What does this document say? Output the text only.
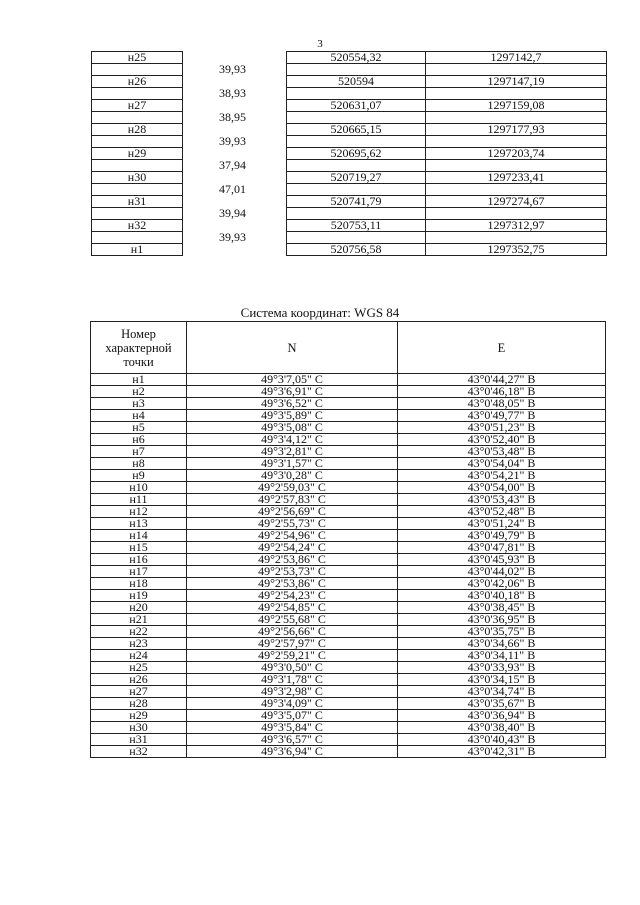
3
н25		520554,32	1297142,7
	39,93		
н26		520594	1297147,19
	38,93		
н27		520631,07	1297159,08
	38,95		
н28		520665,15	1297177,93
	39,93		
н29		520695,62	1297203,74
	37,94		
н30		520719,27	1297233,41
	47,01		
н31		520741,79	1297274,67
	39,94		
н32		520753,11	1297312,97
	39,93		
н1		520756,58	1297352,75
Система координат: WGS 84
Номер характерной точки	N	E
н1	49°3'7,05" С	43°0'44,27" В
н2	49°3'6,91" С	43°0'46,18" В
н3	49°3'6,52" С	43°0'48,05" В
н4	49°3'5,89" С	43°0'49,77" В
н5	49°3'5,08" С	43°0'51,23" В
н6	49°3'4,12" С	43°0'52,40" В
н7	49°3'2,81" С	43°0'53,48" В
н8	49°3'1,57" С	43°0'54,04" В
н9	49°3'0,28" С	43°0'54,21" В
н10	49°2'59,03" С	43°0'54,00" В
н11	49°2'57,83" С	43°0'53,43" В
н12	49°2'56,69" С	43°0'52,48" В
н13	49°2'55,73" С	43°0'51,24" В
н14	49°2'54,96" С	43°0'49,79" В
н15	49°2'54,24" С	43°0'47,81" В
н16	49°2'53,86" С	43°0'45,93" В
н17	49°2'53,73" С	43°0'44,02" В
н18	49°2'53,86" С	43°0'42,06" В
н19	49°2'54,23" С	43°0'40,18" В
н20	49°2'54,85" С	43°0'38,45" В
н21	49°2'55,68" С	43°0'36,95" В
н22	49°2'56,66" С	43°0'35,75" В
н23	49°2'57,97" С	43°0'34,66" В
н24	49°2'59,21" С	43°0'34,11" В
н25	49°3'0,50" С	43°0'33,93" В
н26	49°3'1,78" С	43°0'34,15" В
н27	49°3'2,98" С	43°0'34,74" В
н28	49°3'4,09" С	43°0'35,67" В
н29	49°3'5,07" С	43°0'36,94" В
н30	49°3'5,84" С	43°0'38,40" В
н31	49°3'6,57" С	43°0'40,43" В
н32	49°3'6,94" С	43°0'42,31" В
